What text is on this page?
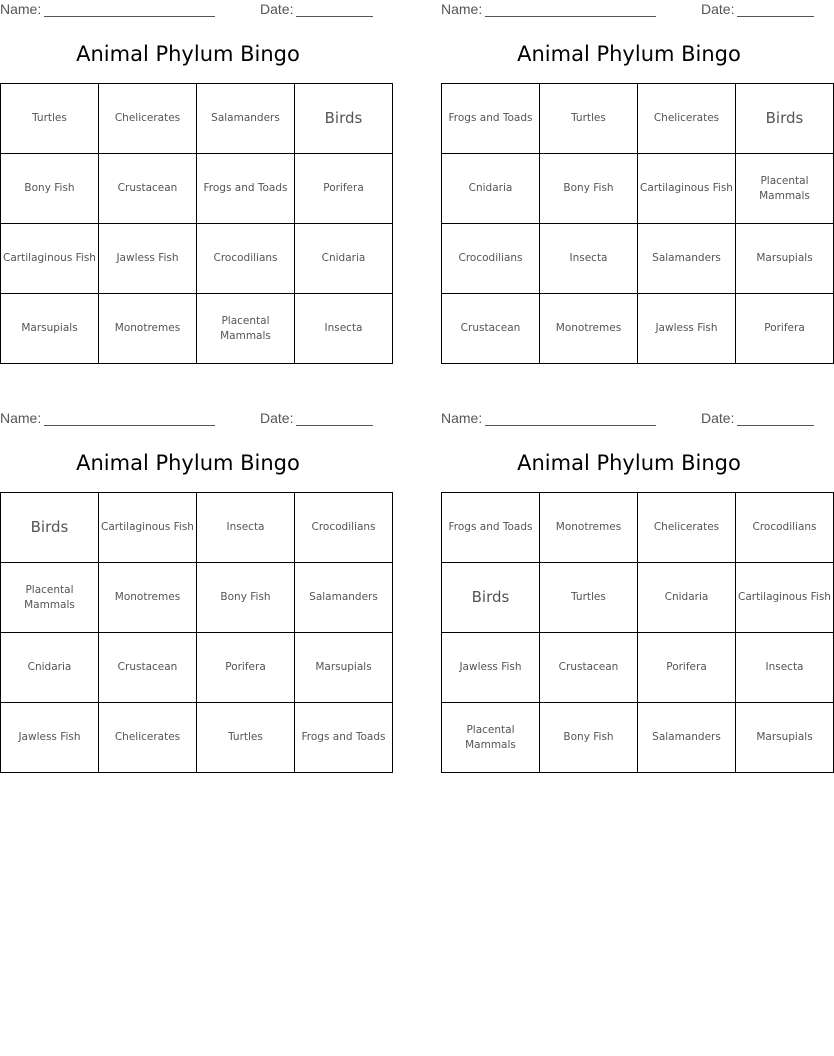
Name:	Date:
Animal Phylum Bingo
Turtles	Chelicerates	Salamanders	Birds
Bony Fish	Crustacean	Frogs and Toads	Porifera
Cartilaginous Fish	Jawless Fish	Crocodilians	Cnidaria
Marsupials	Monotremes	Placental Mammals	Insecta
Name:	Date:
Animal Phylum Bingo
Frogs and Toads	Turtles	Chelicerates	Birds
Cnidaria	Bony Fish	Cartilaginous Fish	Placental Mammals
Crocodilians	Insecta	Salamanders	Marsupials
Crustacean	Monotremes	Jawless Fish	Porifera
Name:	Date:
Animal Phylum Bingo
Birds	Cartilaginous Fish	Insecta	Crocodilians
Placental Mammals	Monotremes	Bony Fish	Salamanders
Cnidaria	Crustacean	Porifera	Marsupials
Jawless Fish	Chelicerates	Turtles	Frogs and Toads
Name:	Date:
Animal Phylum Bingo
Frogs and Toads	Monotremes	Chelicerates	Crocodilians
Birds	Turtles	Cnidaria	Cartilaginous Fish
Jawless Fish	Crustacean	Porifera	Insecta
Placental Mammals	Bony Fish	Salamanders	Marsupials
